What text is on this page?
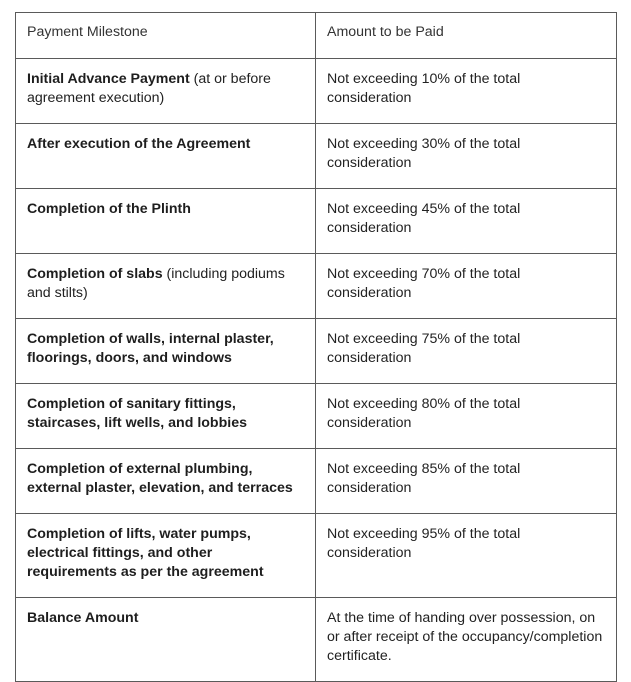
Payment Milestone	Amount to be Paid
Initial Advance Payment (at or before agreement execution)	Not exceeding 10% of the total consideration
After execution of the Agreement	Not exceeding 30% of the total consideration
Completion of the Plinth	Not exceeding 45% of the total consideration
Completion of slabs (including podiums and stilts)	Not exceeding 70% of the total consideration
Completion of walls, internal plaster, floorings, doors, and windows	Not exceeding 75% of the total consideration
Completion of sanitary fittings, staircases, lift wells, and lobbies	Not exceeding 80% of the total consideration
Completion of external plumbing, external plaster, elevation, and terraces	Not exceeding 85% of the total consideration
Completion of lifts, water pumps, electrical fittings, and other requirements as per the agreement	Not exceeding 95% of the total consideration
Balance Amount	At the time of handing over possession, on or after receipt of the occupancy/completion certificate.
